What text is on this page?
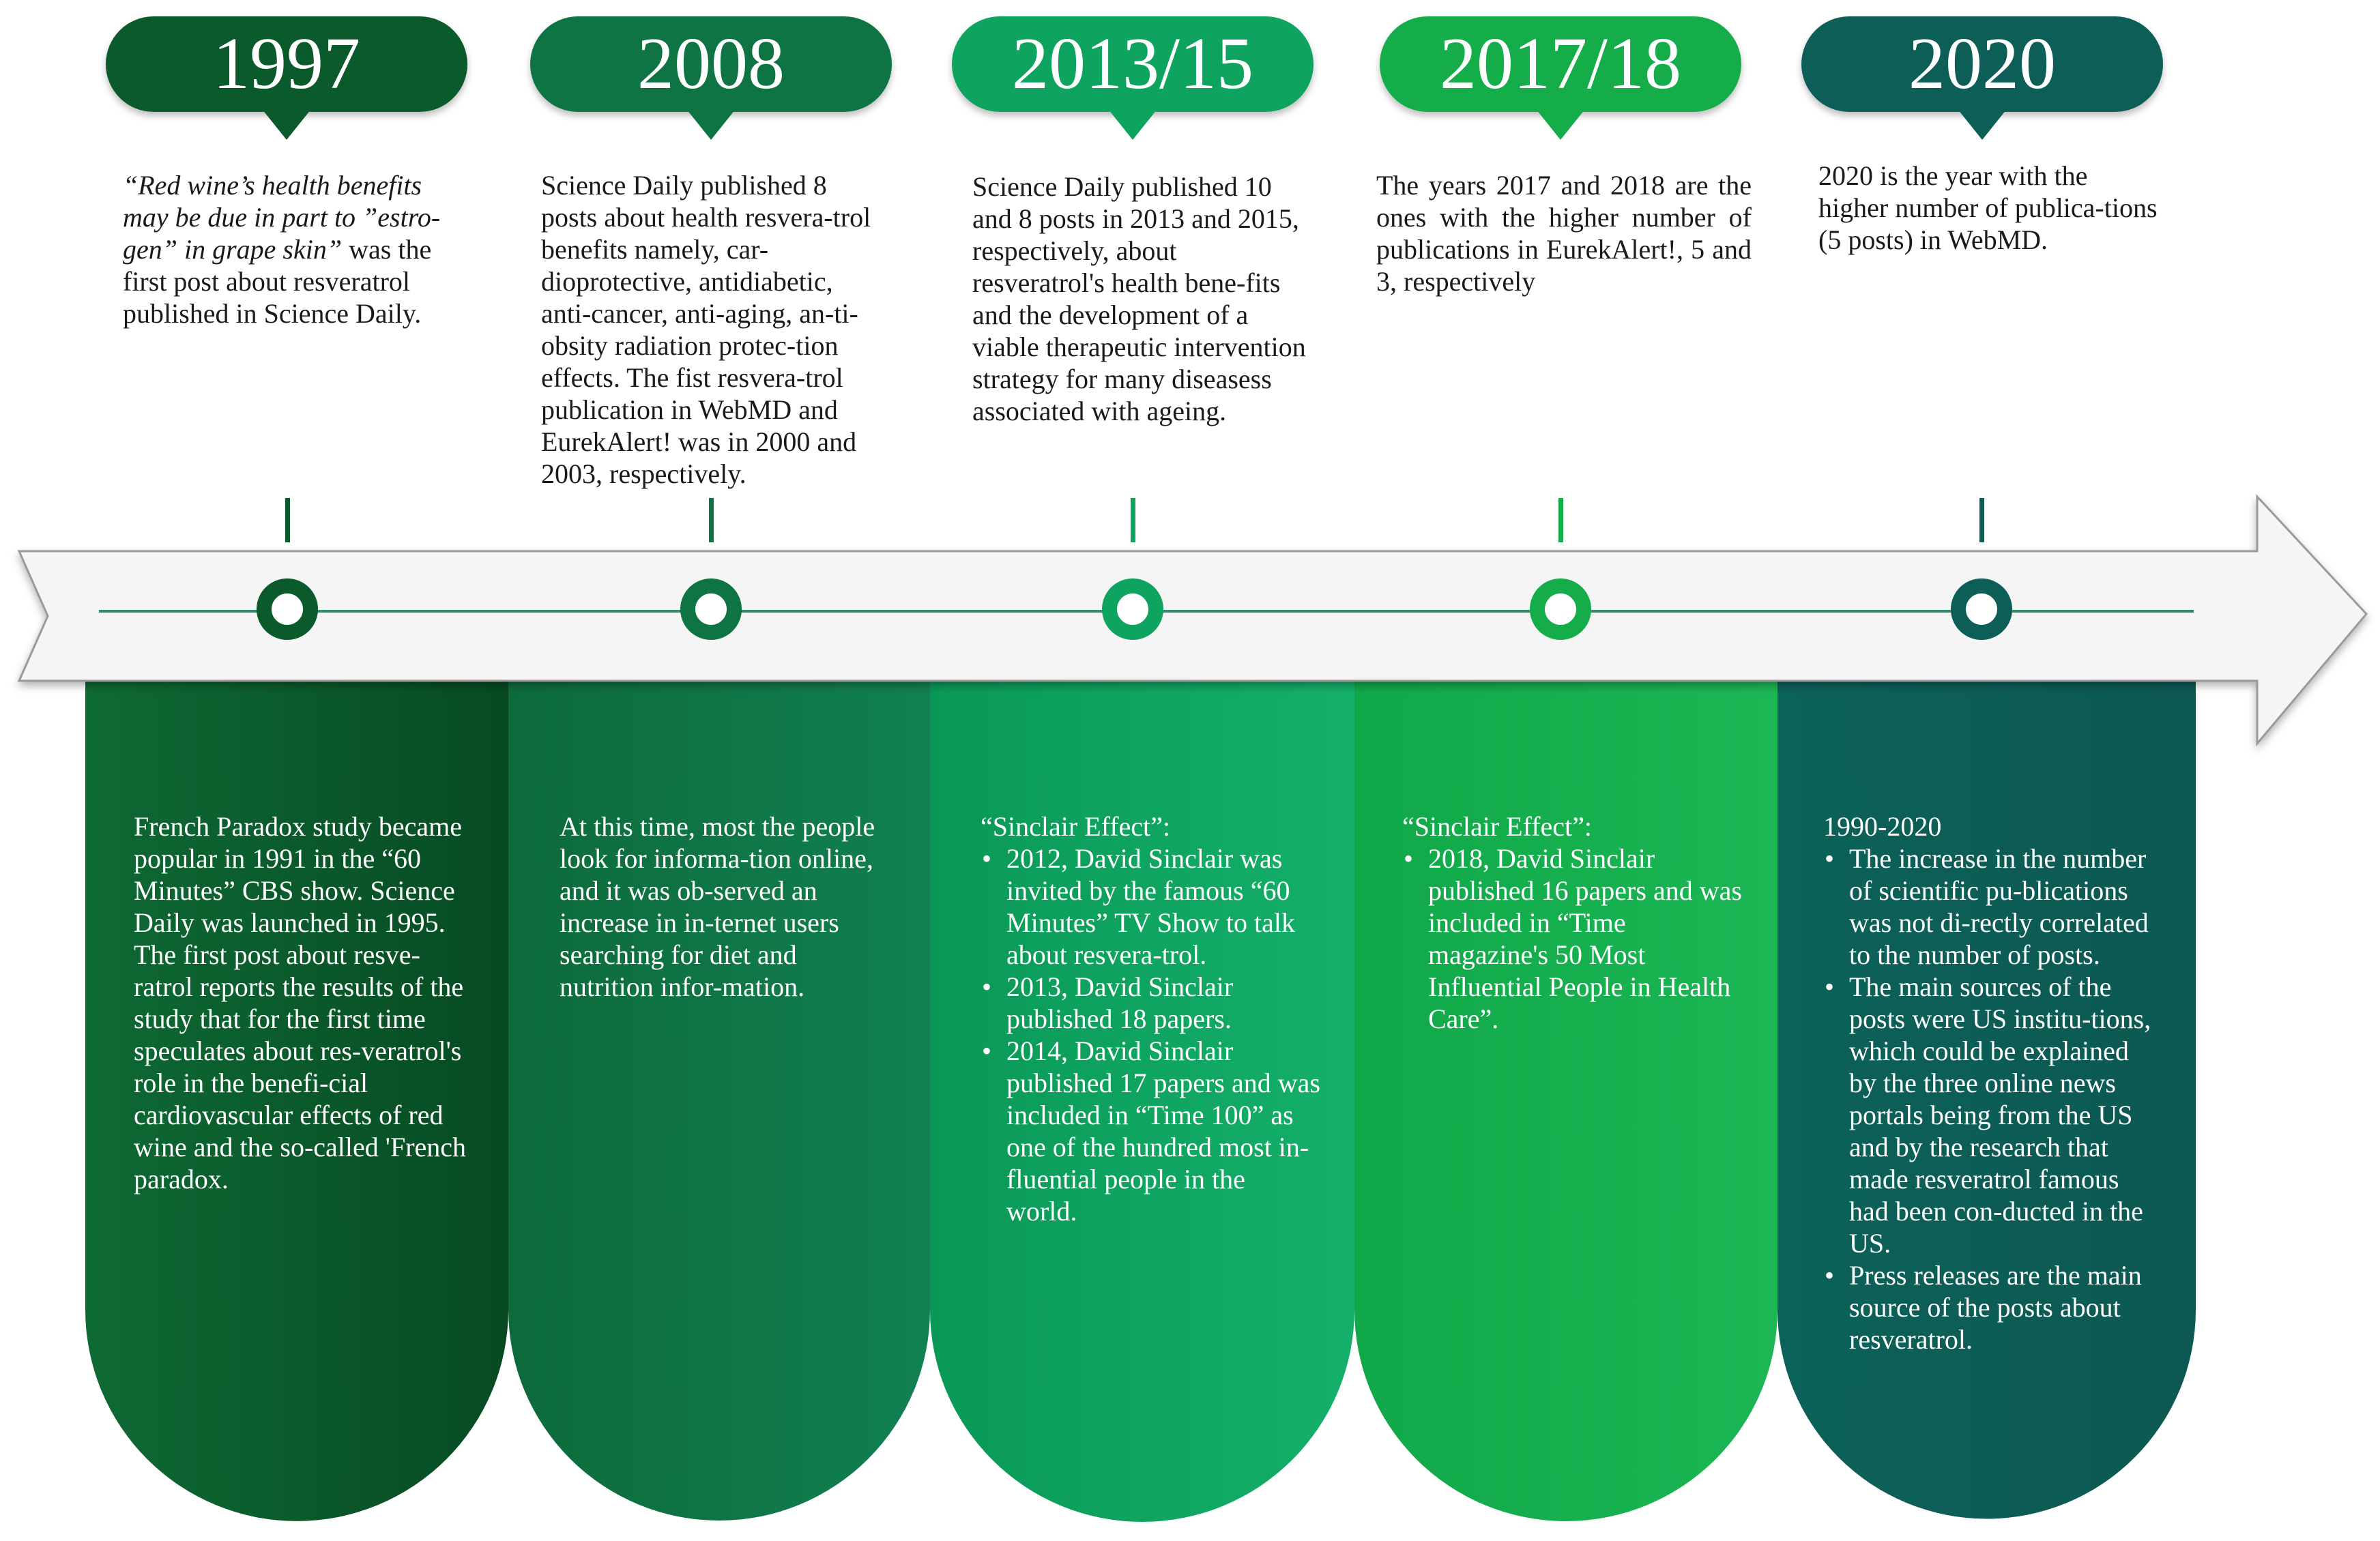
1997	2008	2013/15	2017/18	2020
“Red wine’s health benefits may be due in part to ”estro-gen” in grape skin” was the first post about resveratrol published in Science Daily.
Science Daily published 8 posts about health resvera-trol benefits namely, car-dioprotective, antidiabetic, anti-cancer, anti-aging, an-ti-obsity radiation protec-tion effects. The fist resvera-trol publication in WebMD and EurekAlert! was in 2000 and 2003, respectively.
Science Daily published 10 and 8 posts in 2013 and 2015, respectively, about resveratrol's health bene-fits and the development of a viable therapeutic intervention strategy for many diseasess associated with ageing.
The years 2017 and 2018 are the ones with the higher number of publications in EurekAlert!, 5 and 3, respectively
2020 is the year with the higher number of publica-tions (5 posts) in WebMD.
French Paradox study became popular in 1991 in the “60 Minutes” CBS show. Science Daily was launched in 1995.
The first post about resve-ratrol reports the results of the study that for the first time speculates about res-veratrol's role in the benefi-cial cardiovascular effects of red wine and the so-called 'French paradox.
At this time, most the people look for informa-tion online, and it was ob-served an increase in in-ternet users searching for diet and nutrition infor-mation.
“Sinclair Effect”:
• 2012, David Sinclair was invited by the famous “60 Minutes” TV Show to talk about resvera-trol.
• 2013, David Sinclair published 18 papers.
• 2014, David Sinclair published 17 papers and was included in “Time 100” as one of the hundred most in-fluential people in the world.
“Sinclair Effect”:
• 2018, David Sinclair published 16 papers and was included in “Time magazine's 50 Most Influential People in Health Care”.
1990-2020
• The increase in the number of scientific pu-blications was not di-rectly correlated to the number of posts.
• The main sources of the posts were US institu-tions, which could be explained by the three online news portals being from the US and by the research that made resveratrol famous had been con-ducted in the US.
• Press releases are the main source of the posts about resveratrol.
